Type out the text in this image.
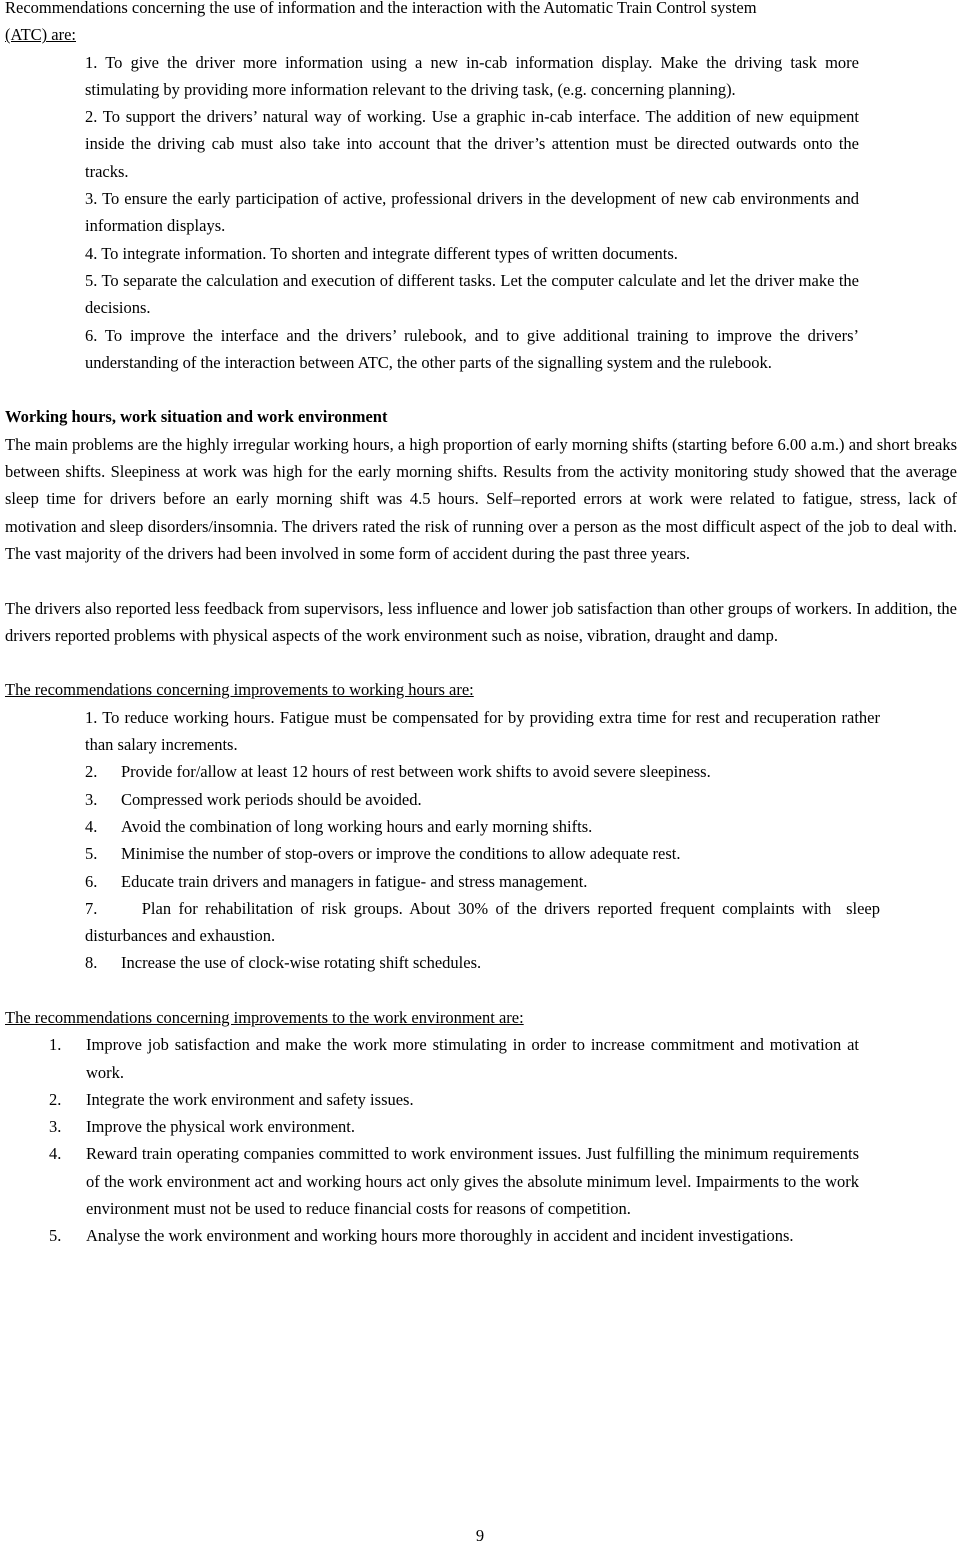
Recommendations concerning the use of information and the interaction with the Automatic Train Control system

(ATC) are:

1. To give the driver more information using a new in-cab information display. Make the driving task more stimulating by providing more information relevant to the driving task, (e.g. concerning planning).

2. To support the drivers’ natural way of working. Use a graphic in-cab interface. The addition of new equipment inside the driving cab must also take into account that the driver’s attention must be directed outwards onto the tracks.

3. To ensure the early participation of active, professional drivers in the development of new cab environments and information displays.

4. To integrate information. To shorten and integrate different types of written documents.

5. To separate the calculation and execution of different tasks. Let the computer calculate and let the driver make the decisions.

6. To improve the interface and the drivers’ rulebook, and to give additional training to improve the drivers’ understanding of the interaction between ATC, the other parts of the signalling system and the rulebook.

Working hours, work situation and work environment

The main problems are the highly irregular working hours, a high proportion of early morning shifts (starting before 6.00 a.m.) and short breaks between shifts. Sleepiness at work was high for the early morning shifts. Results from the activity monitoring study showed that the average sleep time for drivers before an early morning shift was 4.5 hours. Self–reported errors at work were related to fatigue, stress, lack of motivation and sleep disorders/insomnia. The drivers rated the risk of running over a person as the most difficult aspect of the job to deal with. The vast majority of the drivers had been involved in some form of accident during the past three years.

The drivers also reported less feedback from supervisors, less influence and lower job satisfaction than other groups of workers. In addition, the drivers reported problems with physical aspects of the work environment such as noise, vibration, draught and damp.

The recommendations concerning improvements to working hours are:

1. To reduce working hours. Fatigue must be compensated for by providing extra time for rest and recuperation rather than salary increments.

2. Provide for/allow at least 12 hours of rest between work shifts to avoid severe sleepiness.
3. Compressed work periods should be avoided.
4. Avoid the combination of long working hours and early morning shifts.
5. Minimise the number of stop-overs or improve the conditions to allow adequate rest.
6. Educate train drivers and managers in fatigue- and stress management.

7.      Plan for rehabilitation of risk groups. About 30% of the drivers reported frequent complaints with  sleep disturbances and exhaustion.

8. Increase the use of clock-wise rotating shift schedules.

The recommendations concerning improvements to the work environment are:

1. Improve job satisfaction and make the work more stimulating in order to increase commitment and motivation at work.
2. Integrate the work environment and safety issues.
3. Improve the physical work environment.
4. Reward train operating companies committed to work environment issues. Just fulfilling the minimum requirements of the work environment act and working hours act only gives the absolute minimum level. Impairments to the work environment must not be used to reduce financial costs for reasons of competition.
5. Analyse the work environment and working hours more thoroughly in accident and incident investigations.
9
